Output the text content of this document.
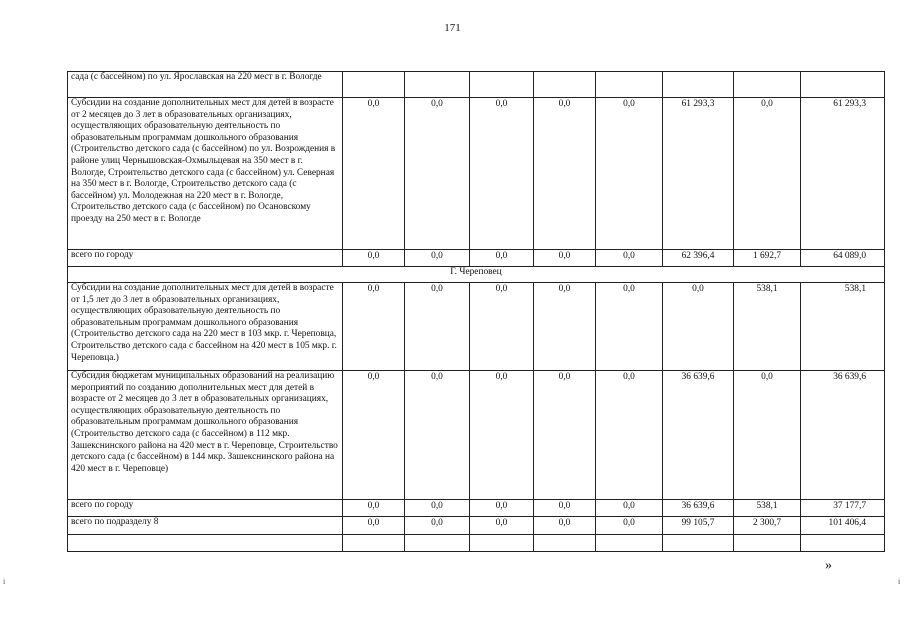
171
сада (с бассейном) по ул. Ярославская на 220 мест в г. Вологде								
Субсидии на создание дополнительных мест для детей в возрасте от 2 месяцев до 3 лет в образовательных организациях, осуществляющих образовательную деятельность по образовательным программам дошкольного образования (Строительство детского сада (с бассейном) по ул. Возрождения в районе улиц Чернышовская-Охмыльцевая на 350 мест в г. Вологде, Строительство детского сада (с бассейном) ул. Северная на 350 мест в г. Вологде, Строительство детского сада (с бассейном) ул. Молодежная на 220 мест в г. Вологде, Строительство детского сада (с бассейном) по Осановскому проезду на 250 мест в г. Вологде	0,0	0,0	0,0	0,0	0,0	61 293,3	0,0	61 293,3
всего по городу	0,0	0,0	0,0	0,0	0,0	62 396,4	1 692,7	64 089,0
Г. Череповец								
Субсидии на создание дополнительных мест для детей в возрасте от 1,5 лет до 3 лет в образовательных организациях, осуществляющих образовательную деятельность по образовательным программам дошкольного образования (Строительство детского сада на 220 мест в 103 мкр. г. Череповца, Строительство детского сада с бассейном на 420 мест в 105 мкр. г. Череповца.)	0,0	0,0	0,0	0,0	0,0	0,0	538,1	538,1
Субсидия бюджетам муниципальных образований на реализацию мероприятий по созданию дополнительных мест для детей в возрасте от 2 месяцев до 3 лет в образовательных организациях, осуществляющих образовательную деятельность по образовательным программам дошкольного образования (Строительство детского сада (с бассейном) в 112 мкр. Зашекснинского района на 420 мест в г. Череповце, Строительство детского сада (с бассейном) в 144 мкр. Зашекснинского района на 420 мест в г. Череповце)	0,0	0,0	0,0	0,0	0,0	36 639,6	0,0	36 639,6
всего по городу	0,0	0,0	0,0	0,0	0,0	36 639,6	538,1	37 177,7
всего по подразделу 8	0,0	0,0	0,0	0,0	0,0	99 105,7	2 300,7	101 406,4

»
i	i
